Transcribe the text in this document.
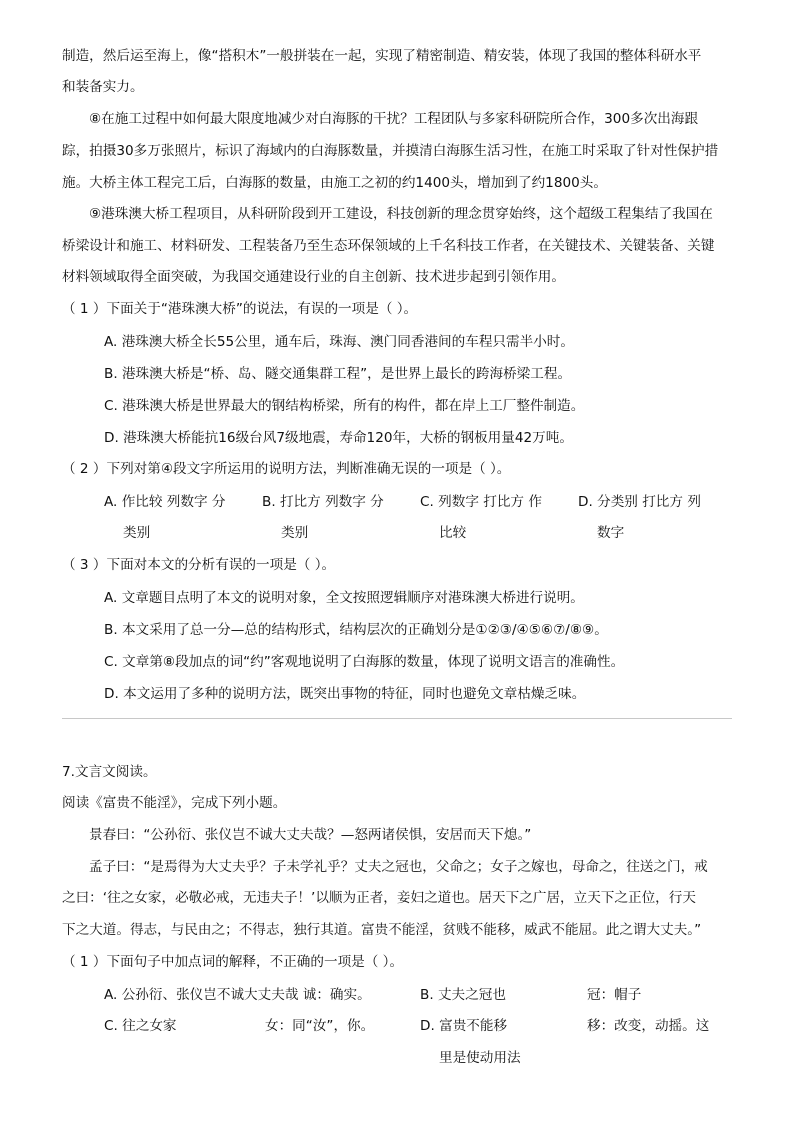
制造，然后运至海上，像“搭积木”一般拼装在一起，实现了精密制造、精安装，体现了我国的整体科研水平
和装备实力。
⑧在施工过程中如何最大限度地减少对白海豚的干扰？工程团队与多家科研院所合作，300多次出海跟
踪，拍摄30多万张照片，标识了海域内的白海豚数量，并摸清白海豚生活习性，在施工时采取了针对性保护措
施。大桥主体工程完工后，白海豚的数量，由施工之初的约1400头，增加到了约1800头。
⑨港珠澳大桥工程项目，从科研阶段到开工建设，科技创新的理念贯穿始终，这个超级工程集结了我国在
桥梁设计和施工、材料研发、工程装备乃至生态环保领域的上千名科技工作者，在关键技术、关键装备、关键
材料领域取得全面突破，为我国交通建设行业的自主创新、技术进步起到引领作用。
（ 1 ）下面关于“港珠澳大桥”的说法，有误的一项是（ ）。
A. 港珠澳大桥全长55公里，通车后，珠海、澳门同香港间的车程只需半小时。
B. 港珠澳大桥是“桥、岛、隧交通集群工程”，是世界上最长的跨海桥梁工程。
C. 港珠澳大桥是世界最大的钢结构桥梁，所有的构件，都在岸上工厂整件制造。
D. 港珠澳大桥能抗16级台风7级地震，寿命120年，大桥的钢板用量42万吨。
（ 2 ）下列对第④段文字所运用的说明方法，判断准确无误的一项是（ ）。
A. 作比较 列数字 分
类别
B. 打比方 列数字 分
类别
C. 列数字 打比方 作
比较
D. 分类别 打比方 列
数字
（ 3 ）下面对本文的分析有误的一项是（ ）。
A. 文章题目点明了本文的说明对象，全文按照逻辑顺序对港珠澳大桥进行说明。
B. 本文采用了总一分—总的结构形式，结构层次的正确划分是①②③/④⑤⑥⑦/⑧⑨。
C. 文章第⑧段加点的词“约”客观地说明了白海豚的数量，体现了说明文语言的准确性。
D. 本文运用了多种的说明方法，既突出事物的特征，同时也避免文章枯燥乏味。
7.文言文阅读。
阅读《富贵不能淫》，完成下列小题。
景春曰：“公孙衍、张仪岂不诚大丈夫哉？—怒两诸侯惧，安居而天下熄。”
孟子曰：“是焉得为大丈夫乎？子未学礼乎？丈夫之冠也，父命之；女子之嫁也，母命之，往送之门，戒
之曰：‘往之女家，必敬必戒，无违夫子！’以顺为正者，妾妇之道也。居天下之广居，立天下之正位，行天
下之大道。得志，与民由之；不得志，独行其道。富贵不能淫，贫贱不能移，威武不能屈。此之谓大丈夫。”
（ 1 ）下面句子中加点词的解释，不正确的一项是（ ）。
A. 公孙衍、张仪岂不诚大丈夫哉 诚：确实。	B. 丈夫之冠也	冠：帽子
C. 往之女家	女：同“汝”，你。	D. 富贵不能移	移：改变，动摇。这
里是使动用法
